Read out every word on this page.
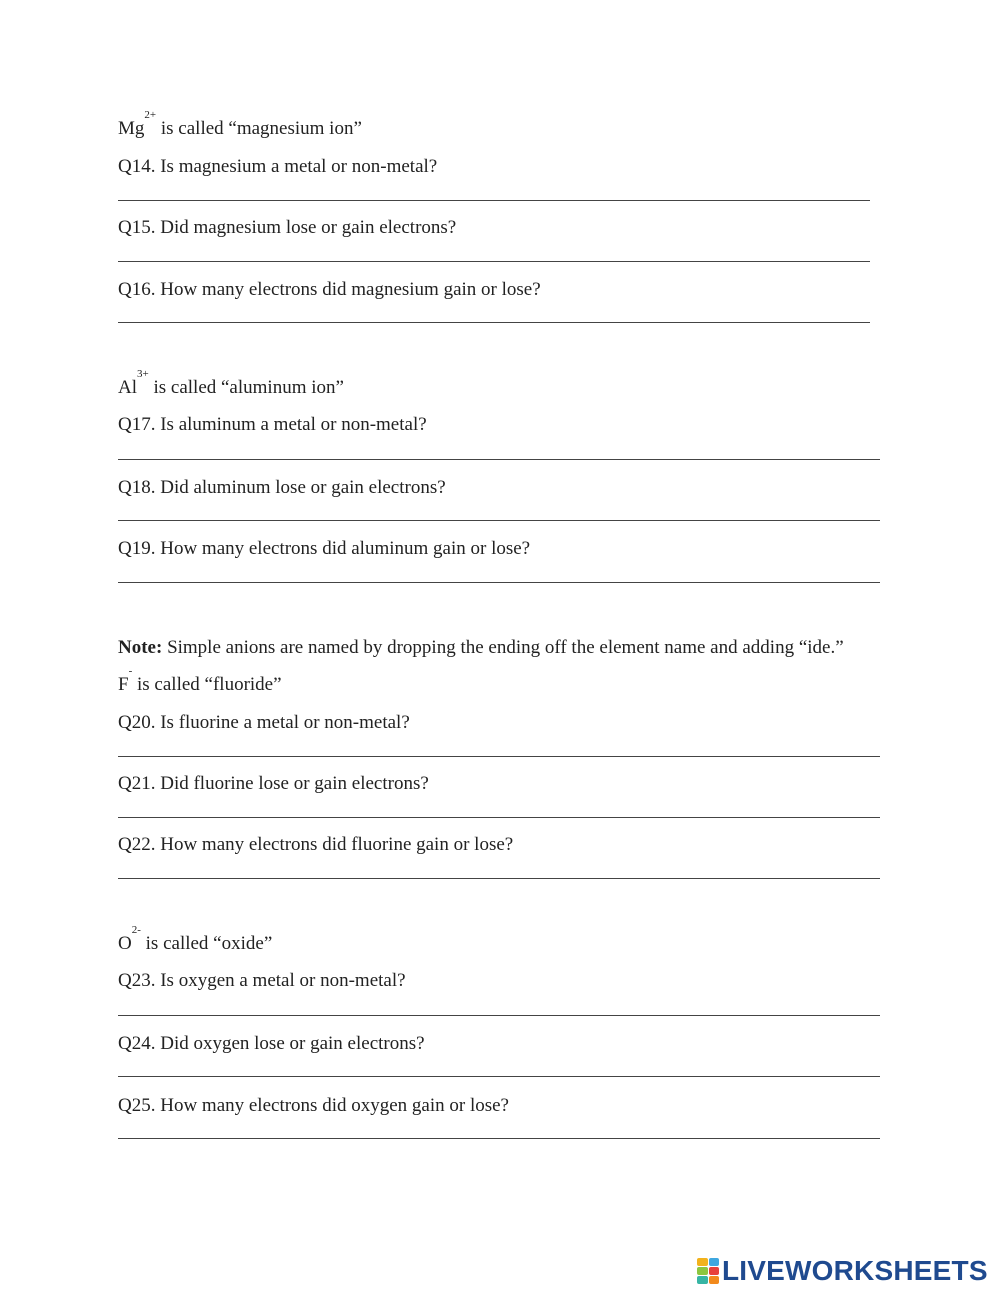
$Mg^{2+}$ is called “magnesium ion”
Q14. Is magnesium a metal or non-metal?
Q15. Did magnesium lose or gain electrons?
Q16. How many electrons did magnesium gain or lose?
$Al^{3+}$ is called “aluminum ion”
Q17. Is aluminum a metal or non-metal?
Q18. Did aluminum lose or gain electrons?
Q19. How many electrons did aluminum gain or lose?
Note: Simple anions are named by dropping the ending off the element name and adding “ide.”
F- is called “fluoride”
Q20. Is fluorine a metal or non-metal?
Q21. Did fluorine lose or gain electrons?
Q22. How many electrons did fluorine gain or lose?
$O^{2-}$ is called “oxide”
Q23. Is oxygen a metal or non-metal?
Q24. Did oxygen lose or gain electrons?
Q25. How many electrons did oxygen gain or lose?
LIVEWORKSHEETS
